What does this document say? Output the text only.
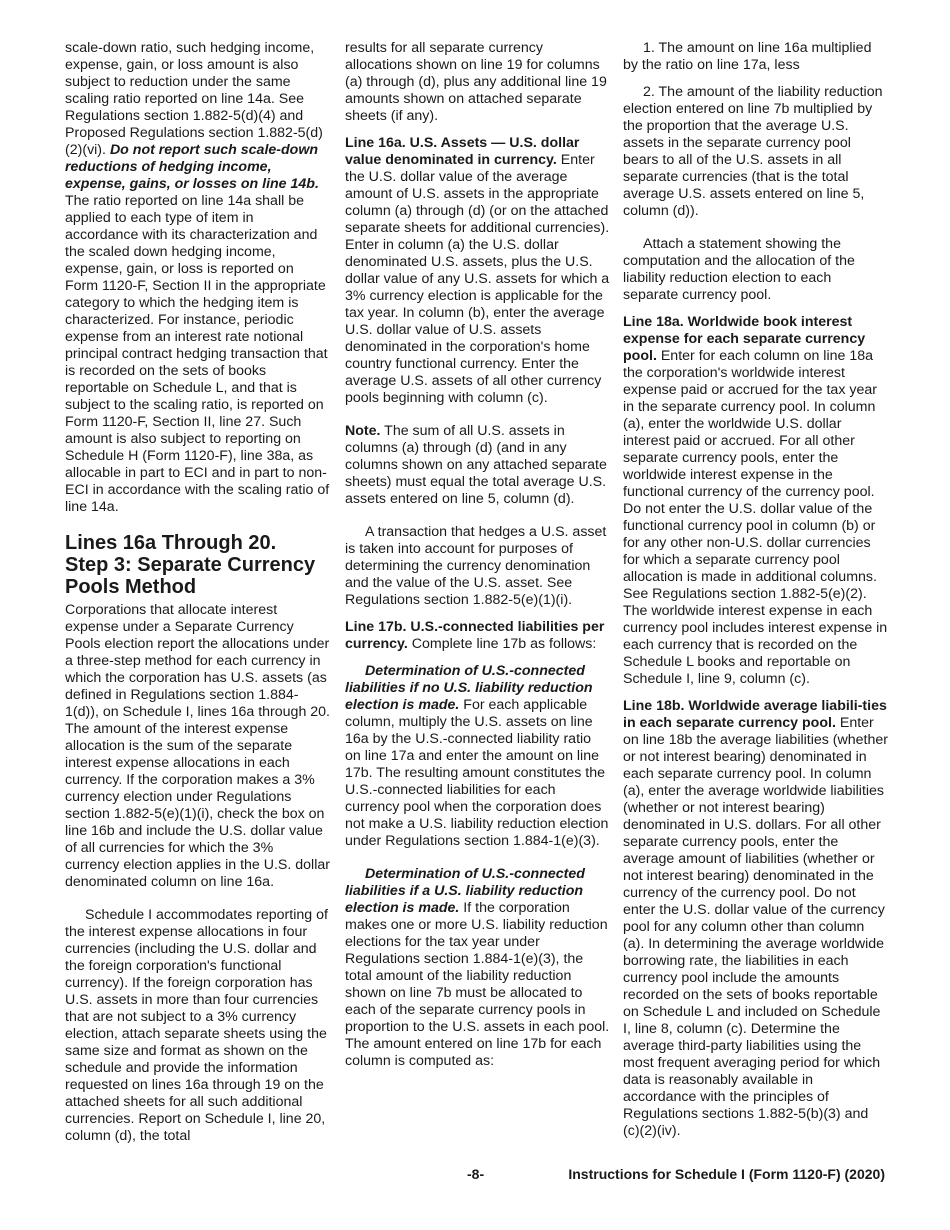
scale-down ratio, such hedging income, expense, gain, or loss amount is also subject to reduction under the same scaling ratio reported on line 14a. See Regulations section 1.882-5(d)(4) and Proposed Regulations section 1.882-5(d)(2)(vi). Do not report such scale-down reductions of hedging income, expense, gains, or losses on line 14b. The ratio reported on line 14a shall be applied to each type of item in accordance with its characterization and the scaled down hedging income, expense, gain, or loss is reported on Form 1120-F, Section II in the appropriate category to which the hedging item is characterized. For instance, periodic expense from an interest rate notional principal contract hedging transaction that is recorded on the sets of books reportable on Schedule L, and that is subject to the scaling ratio, is reported on Form 1120-F, Section II, line 27. Such amount is also subject to reporting on Schedule H (Form 1120-F), line 38a, as allocable in part to ECI and in part to non-ECI in accordance with the scaling ratio of line 14a.

Lines 16a Through 20.
Step 3: Separate Currency
Pools Method

Corporations that allocate interest expense under a Separate Currency Pools election report the allocations under a three-step method for each currency in which the corporation has U.S. assets (as defined in Regulations section 1.884-1(d)), on Schedule I, lines 16a through 20. The amount of the interest expense allocation is the sum of the separate interest expense allocations in each currency. If the corporation makes a 3% currency election under Regulations section 1.882-5(e)(1)(i), check the box on line 16b and include the U.S. dollar value of all currencies for which the 3% currency election applies in the U.S. dollar denominated column on line 16a.

Schedule I accommodates reporting of the interest expense allocations in four currencies (including the U.S. dollar and the foreign corporation's functional currency). If the foreign corporation has U.S. assets in more than four currencies that are not subject to a 3% currency election, attach separate sheets using the same size and format as shown on the schedule and provide the information requested on lines 16a through 19 on the attached sheets for all such additional currencies. Report on Schedule I, line 20, column (d), the total

results for all separate currency allocations shown on line 19 for columns (a) through (d), plus any additional line 19 amounts shown on attached separate sheets (if any).

Line 16a. U.S. Assets — U.S. dollar value denominated in currency. Enter the U.S. dollar value of the average amount of U.S. assets in the appropriate column (a) through (d) (or on the attached separate sheets for additional currencies). Enter in column (a) the U.S. dollar denominated U.S. assets, plus the U.S. dollar value of any U.S. assets for which a 3% currency election is applicable for the tax year. In column (b), enter the average U.S. dollar value of U.S. assets denominated in the corporation's home country functional currency. Enter the average U.S. assets of all other currency pools beginning with column (c).

Note. The sum of all U.S. assets in columns (a) through (d) (and in any columns shown on any attached separate sheets) must equal the total average U.S. assets entered on line 5, column (d).

A transaction that hedges a U.S. asset is taken into account for purposes of determining the currency denomination and the value of the U.S. asset. See Regulations section 1.882-5(e)(1)(i).

Line 17b. U.S.-connected liabilities per currency. Complete line 17b as follows:

Determination of U.S.-connected liabilities if no U.S. liability reduction election is made. For each applicable column, multiply the U.S. assets on line 16a by the U.S.-connected liability ratio on line 17a and enter the amount on line 17b. The resulting amount constitutes the U.S.-connected liabilities for each currency pool when the corporation does not make a U.S. liability reduction election under Regulations section 1.884-1(e)(3).

Determination of U.S.-connected liabilities if a U.S. liability reduction election is made. If the corporation makes one or more U.S. liability reduction elections for the tax year under Regulations section 1.884-1(e)(3), the total amount of the liability reduction shown on line 7b must be allocated to each of the separate currency pools in proportion to the U.S. assets in each pool. The amount entered on line 17b for each column is computed as:

1. The amount on line 16a multiplied by the ratio on line 17a, less

2. The amount of the liability reduction election entered on line 7b multiplied by the proportion that the average U.S. assets in the separate currency pool bears to all of the U.S. assets in all separate currencies (that is the total average U.S. assets entered on line 5, column (d)).

Attach a statement showing the computation and the allocation of the liability reduction election to each separate currency pool.

Line 18a. Worldwide book interest expense for each separate currency pool. Enter for each column on line 18a the corporation's worldwide interest expense paid or accrued for the tax year in the separate currency pool. In column (a), enter the worldwide U.S. dollar interest paid or accrued. For all other separate currency pools, enter the worldwide interest expense in the functional currency of the currency pool. Do not enter the U.S. dollar value of the functional currency pool in column (b) or for any other non-U.S. dollar currencies for which a separate currency pool allocation is made in additional columns. See Regulations section 1.882-5(e)(2). The worldwide interest expense in each currency pool includes interest expense in each currency that is recorded on the Schedule L books and reportable on Schedule I, line 9, column (c).

Line 18b. Worldwide average liabili-ties in each separate currency pool. Enter on line 18b the average liabilities (whether or not interest bearing) denominated in each separate currency pool. In column (a), enter the average worldwide liabilities (whether or not interest bearing) denominated in U.S. dollars. For all other separate currency pools, enter the average amount of liabilities (whether or not interest bearing) denominated in the currency of the currency pool. Do not enter the U.S. dollar value of the currency pool for any column other than column (a). In determining the average worldwide borrowing rate, the liabilities in each currency pool include the amounts recorded on the sets of books reportable on Schedule L and included on Schedule I, line 8, column (c). Determine the average third-party liabilities using the most frequent averaging period for which data is reasonably available in accordance with the principles of Regulations sections 1.882-5(b)(3) and (c)(2)(iv).

-8-	Instructions for Schedule I (Form 1120-F) (2020)
